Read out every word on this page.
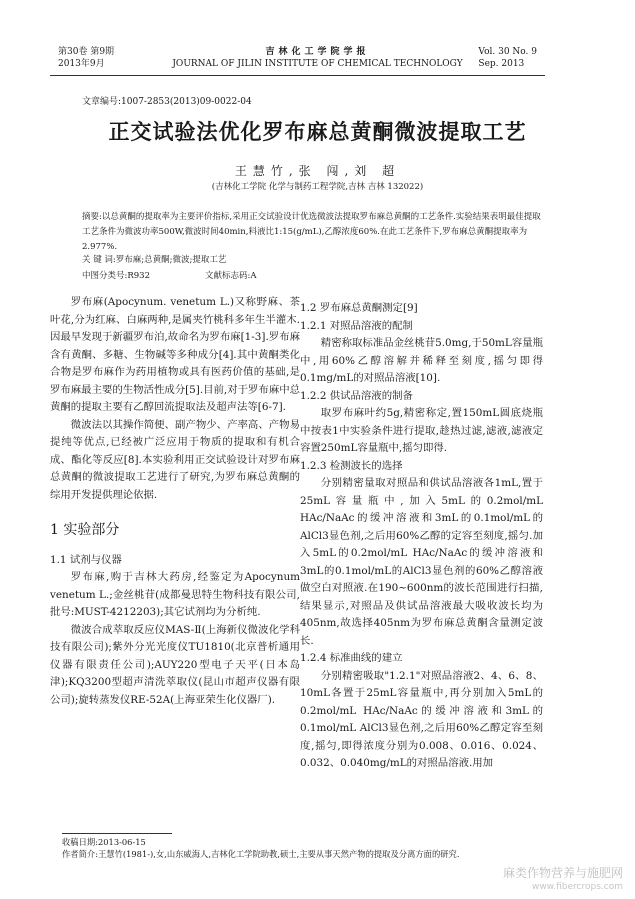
第30卷 第9期
2013年9月
吉林化工学院学报
JOURNAL OF JILIN INSTITUTE OF CHEMICAL TECHNOLOGY
Vol. 30 No. 9
Sep. 2013
文章编号:1007-2853(2013)09-0022-04
正交试验法优化罗布麻总黄酮微波提取工艺
王慧竹,张 闯,刘 超
(吉林化工学院 化学与制药工程学院,吉林 吉林 132022)
摘要:以总黄酮的提取率为主要评价指标,采用正交试验设计优选微波法提取罗布麻总黄酮的工艺条件.实验结果表明最佳提取工艺条件为微波功率500W,微波时间40min,料液比1:15(g/mL),乙醇浓度60%.在此工艺条件下,罗布麻总黄酮提取率为2.977%.
关 键 词:罗布麻;总黄酮;微波;提取工艺
中图分类号:R932	文献标志码:A

罗布麻(Apocynum. venetum L.)又称野麻、茶叶花,分为红麻、白麻两种,是属夹竹桃科多年生半灌木.因最早发现于新疆罗布泊,故命名为罗布麻[1-3].罗布麻含有黄酮、多糖、生物碱等多种成分[4].其中黄酮类化合物是罗布麻作为药用植物或具有医药价值的基础,是罗布麻最主要的生物活性成分[5].目前,对于罗布麻中总黄酮的提取主要有乙醇回流提取法及超声法等[6-7].

微波法以其操作简便、副产物少、产率高、产物易提纯等优点,已经被广泛应用于物质的提取和有机合成、酯化等反应[8].本实验利用正交试验设计对罗布麻总黄酮的微波提取工艺进行了研究,为罗布麻总黄酮的综用开发提供理论依据.

1 实验部分
1.1 试剂与仪器

罗布麻,购于吉林大药房,经鉴定为Apocynum venetum L.;金丝桃苷(成都曼思特生物科技有限公司,批号:MUST-4212203);其它试剂均为分析纯.

微波合成萃取反应仪MAS-Ⅱ(上海新仪微波化学科技有限公司);紫外分光光度仪TU1810(北京普析通用仪器有限责任公司);AUY220型电子天平(日本岛津);KQ3200型超声清洗萃取仪(昆山市超声仪器有限公司);旋转蒸发仪RE-52A(上海亚荣生化仪器厂).

1.2 罗布麻总黄酮测定[9]
1.2.1 对照品溶液的配制

精密称取标准品金丝桃苷5.0mg,于50mL容量瓶中,用60%乙醇溶解并稀释至刻度,摇匀即得0.1mg/mL的对照品溶液[10].

1.2.2 供试品溶液的制备

取罗布麻叶约5g,精密称定,置150mL圆底烧瓶中按表1中实验条件进行提取,趁热过滤,滤液,滤液定容置250mL容量瓶中,摇匀即得.

1.2.3 检测波长的选择

分别精密量取对照品和供试品溶液各1mL,置于25mL容量瓶中,加入5mL的0.2mol/mL HAc/NaAc的缓冲溶液和3mL的0.1mol/mL的AlCl3显色剂,之后用60%乙醇的定容至刻度,摇匀.加入5mL的0.2mol/mL HAc/NaAc的缓冲溶液和3mL的0.1mol/mL的AlCl3显色剂的60%乙醇溶液做空白对照液.在190~600nm的波长范围进行扫描,结果显示,对照品及供试品溶液最大吸收波长均为405nm,故选择405nm为罗布麻总黄酮含量测定波长.

1.2.4 标准曲线的建立

分别精密吸取"1.2.1"对照品溶液2、4、6、8、10mL各置于25mL容量瓶中,再分别加入5mL的0.2mol/mL HAc/NaAc的缓冲溶液和3mL的0.1mol/mL AlCl3显色剂,之后用60%乙醇定容至刻度,摇匀,即得浓度分别为0.008、0.016、0.024、0.032、0.040mg/mL的对照品溶液.用加

收稿日期:2013-06-15
作者简介:王慧竹(1981-),女,山东威海人,吉林化工学院助教,硕士,主要从事天然产物的提取及分离方面的研究.
麻类作物营养与施肥网
www.fibercrops.com
